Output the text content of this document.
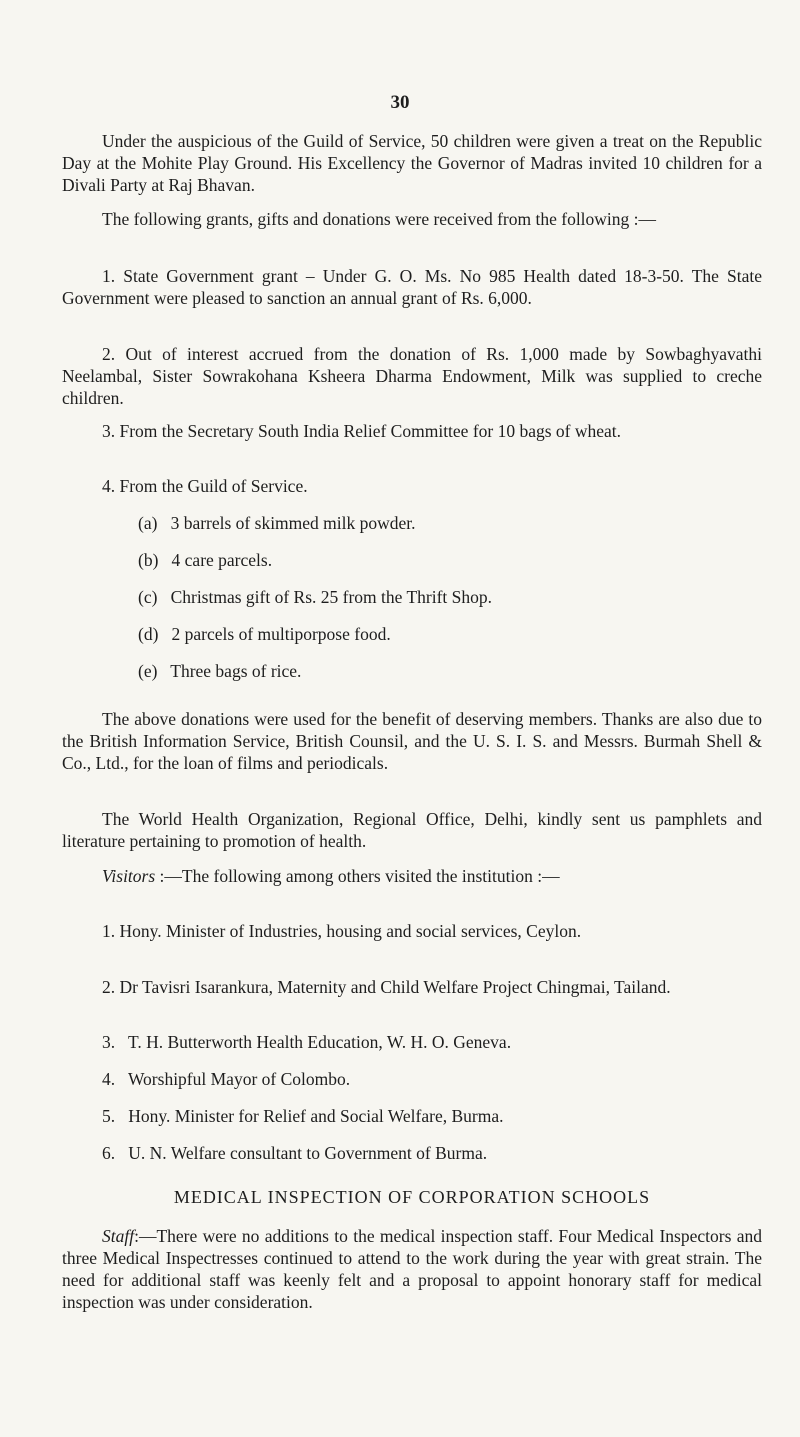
30
Under the auspicious of the Guild of Service, 50 children were given a treat on the Republic Day at the Mohite Play Ground. His Excellency the Governor of Madras invited 10 children for a Divali Party at Raj Bhavan.
The following grants, gifts and donations were received from the following :—
1. State Government grant – Under G. O. Ms. No 985 Health dated 18-3-50. The State Government were pleased to sanction an annual grant of Rs. 6,000.
2. Out of interest accrued from the donation of Rs. 1,000 made by Sowbaghyavathi Neelambal, Sister Sowrakohana Ksheera Dharma Endowment, Milk was supplied to creche children.
3. From the Secretary South India Relief Committee for 10 bags of wheat.
4. From the Guild of Service.
(a) 3 barrels of skimmed milk powder.
(b) 4 care parcels.
(c) Christmas gift of Rs. 25 from the Thrift Shop.
(d) 2 parcels of multiporpose food.
(e) Three bags of rice.
The above donations were used for the benefit of deserving members. Thanks are also due to the British Information Service, British Counsil, and the U. S. I. S. and Messrs. Burmah Shell & Co., Ltd., for the loan of films and periodicals.
The World Health Organization, Regional Office, Delhi, kindly sent us pamphlets and literature pertaining to promotion of health.
Visitors :—The following among others visited the institution :—
1. Hony. Minister of Industries, housing and social services, Ceylon.
2. Dr Tavisri Isarankura, Maternity and Child Welfare Project Chingmai, Tailand.
3. T. H. Butterworth Health Education, W. H. O. Geneva.
4. Worshipful Mayor of Colombo.
5. Hony. Minister for Relief and Social Welfare, Burma.
6. U. N. Welfare consultant to Government of Burma.
MEDICAL INSPECTION OF CORPORATION SCHOOLS
Staff:—There were no additions to the medical inspection staff. Four Medical Inspectors and three Medical Inspectresses continued to attend to the work during the year with great strain. The need for additional staff was keenly felt and a proposal to appoint honorary staff for medical inspection was under consideration.
